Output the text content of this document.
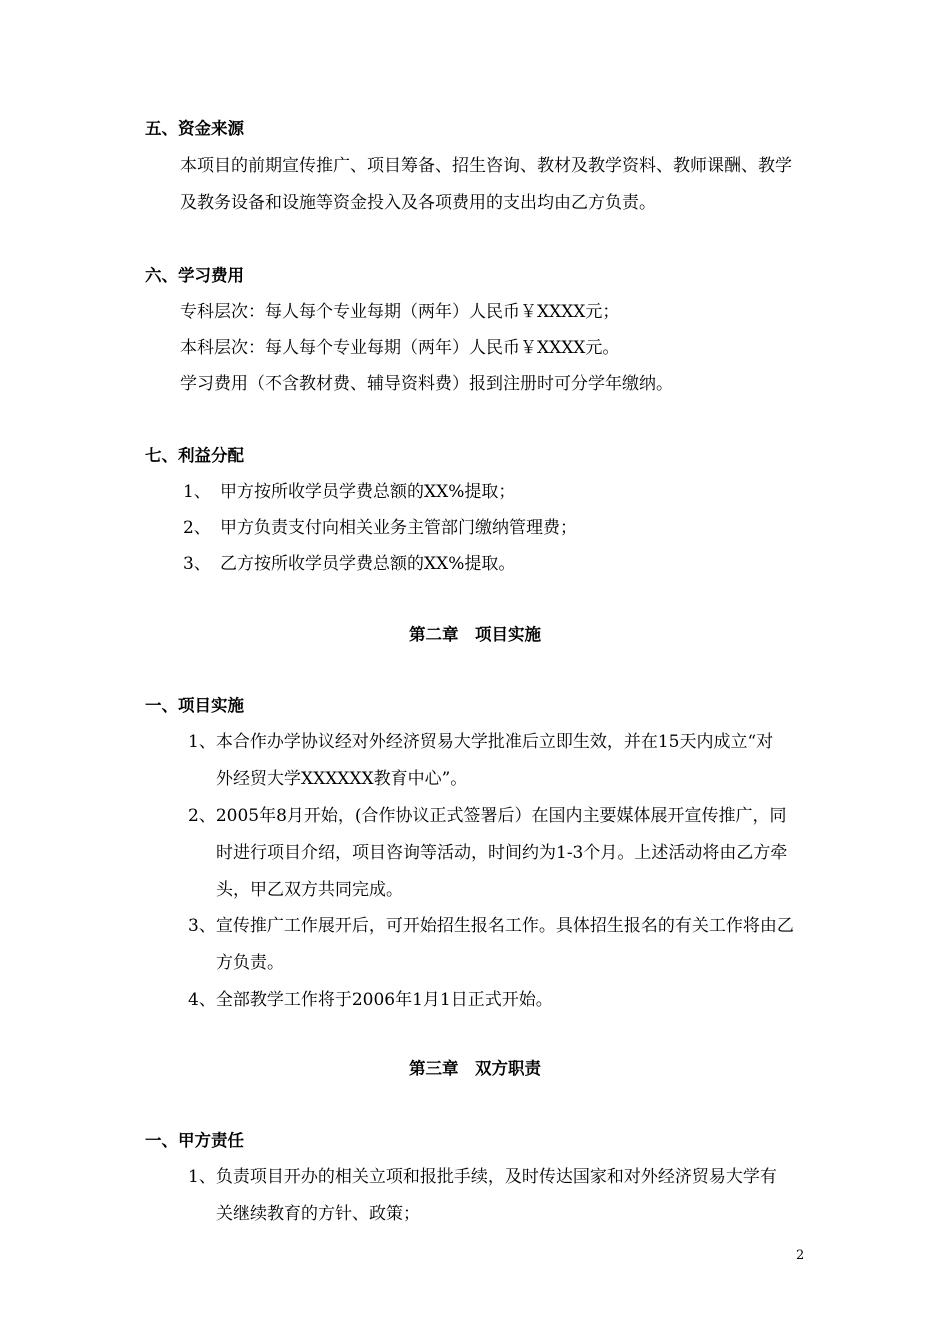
五、资金来源
本项目的前期宣传推广、项目筹备、招生咨询、教材及教学资料、教师课酬、教学
及教务设备和设施等资金投入及各项费用的支出均由乙方负责。
六、学习费用
专科层次：每人每个专业每期（两年）人民币￥XXXX元；
本科层次：每人每个专业每期（两年）人民币￥XXXX元。
学习费用（不含教材费、辅导资料费）报到注册时可分学年缴纳。
七、利益分配
1、 甲方按所收学员学费总额的XX%提取；
2、 甲方负责支付向相关业务主管部门缴纳管理费；
3、 乙方按所收学员学费总额的XX%提取。
第二章　项目实施
一、项目实施
1、本合作办学协议经对外经济贸易大学批准后立即生效，并在15天内成立“对
外经贸大学XXXXXX教育中心”。
2、2005年8月开始，(合作协议正式签署后）在国内主要媒体展开宣传推广，同
时进行项目介绍，项目咨询等活动，时间约为1-3个月。上述活动将由乙方牵
头，甲乙双方共同完成。
3、宣传推广工作展开后，可开始招生报名工作。具体招生报名的有关工作将由乙
方负责。
4、全部教学工作将于2006年1月1日正式开始。
第三章　双方职责
一、甲方责任
1、负责项目开办的相关立项和报批手续，及时传达国家和对外经济贸易大学有
关继续教育的方针、政策；
2
